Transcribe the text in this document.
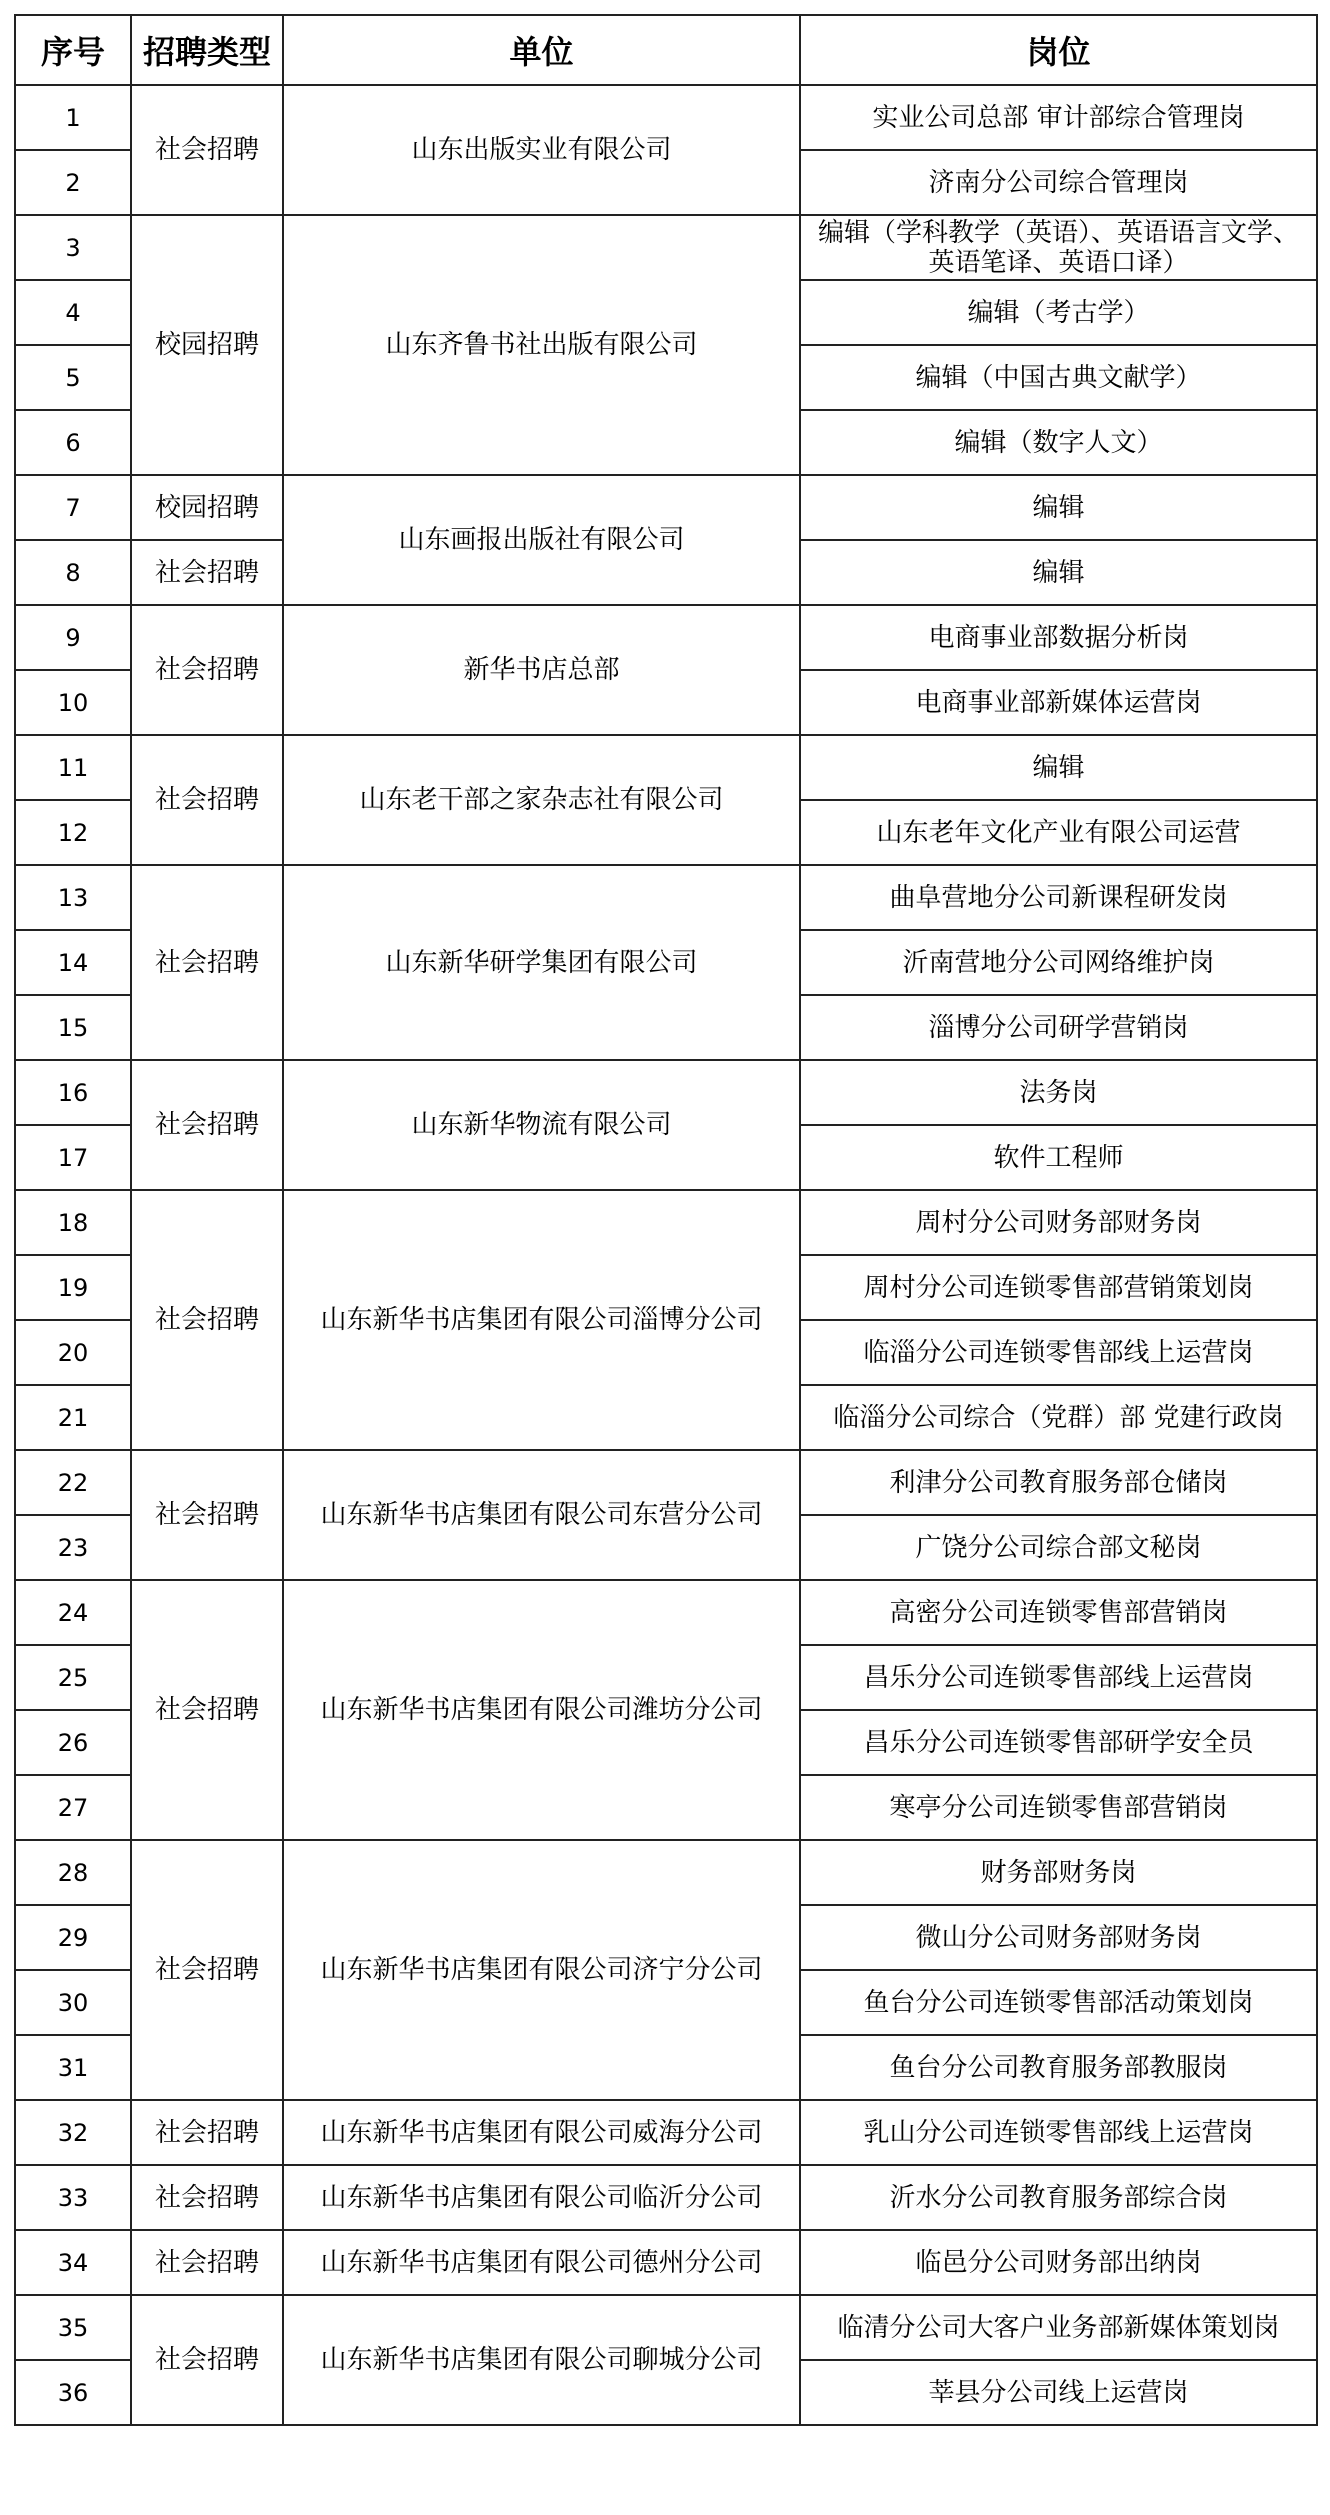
序号	招聘类型	单位	岗位
1	社会招聘	山东出版实业有限公司	实业公司总部 审计部综合管理岗
2			济南分公司综合管理岗
3	校园招聘	山东齐鲁书社出版有限公司	编辑（学科教学（英语）、英语语言文学、英语笔译、英语口译）
4			编辑（考古学）
5			编辑（中国古典文献学）
6			编辑（数字人文）
7	校园招聘	山东画报出版社有限公司	编辑
8	社会招聘		编辑
9	社会招聘	新华书店总部	电商事业部数据分析岗
10			电商事业部新媒体运营岗
11	社会招聘	山东老干部之家杂志社有限公司	编辑
12			山东老年文化产业有限公司运营
13	社会招聘	山东新华研学集团有限公司	曲阜营地分公司新课程研发岗
14			沂南营地分公司网络维护岗
15			淄博分公司研学营销岗
16	社会招聘	山东新华物流有限公司	法务岗
17			软件工程师
18	社会招聘	山东新华书店集团有限公司淄博分公司	周村分公司财务部财务岗
19			周村分公司连锁零售部营销策划岗
20			临淄分公司连锁零售部线上运营岗
21			临淄分公司综合（党群）部 党建行政岗
22	社会招聘	山东新华书店集团有限公司东营分公司	利津分公司教育服务部仓储岗
23			广饶分公司综合部文秘岗
24	社会招聘	山东新华书店集团有限公司潍坊分公司	高密分公司连锁零售部营销岗
25			昌乐分公司连锁零售部线上运营岗
26			昌乐分公司连锁零售部研学安全员
27			寒亭分公司连锁零售部营销岗
28	社会招聘	山东新华书店集团有限公司济宁分公司	财务部财务岗
29			微山分公司财务部财务岗
30			鱼台分公司连锁零售部活动策划岗
31			鱼台分公司教育服务部教服岗
32	社会招聘	山东新华书店集团有限公司威海分公司	乳山分公司连锁零售部线上运营岗
33	社会招聘	山东新华书店集团有限公司临沂分公司	沂水分公司教育服务部综合岗
34	社会招聘	山东新华书店集团有限公司德州分公司	临邑分公司财务部出纳岗
35	社会招聘	山东新华书店集团有限公司聊城分公司	临清分公司大客户业务部新媒体策划岗
36			莘县分公司线上运营岗
